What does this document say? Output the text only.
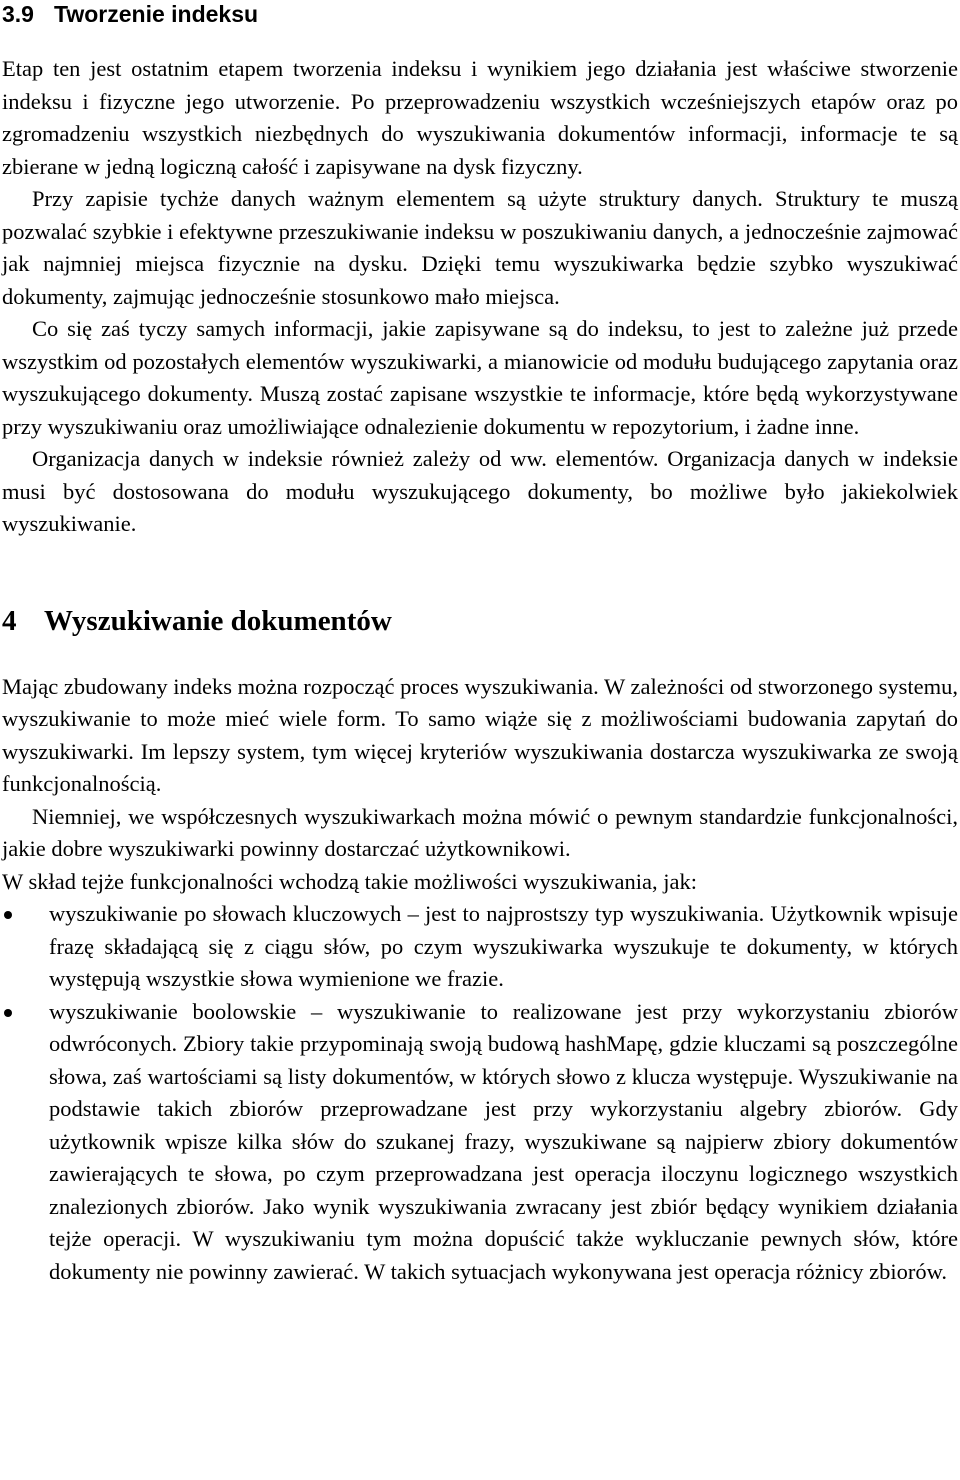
3.9 Tworzenie indeksu

Etap ten jest ostatnim etapem tworzenia indeksu i wynikiem jego działania jest właściwe stworzenie indeksu i fizyczne jego utworzenie. Po przeprowadzeniu wszystkich wcześniejszych etapów oraz po zgromadzeniu wszystkich niezbędnych do wyszukiwania dokumentów informacji, informacje te są zbierane w jedną logiczną całość i zapisywane na dysk fizyczny.

Przy zapisie tychże danych ważnym elementem są użyte struktury danych. Struktury te muszą pozwalać szybkie i efektywne przeszukiwanie indeksu w poszukiwaniu danych, a jednocześnie zajmować jak najmniej miejsca fizycznie na dysku. Dzięki temu wyszukiwarka będzie szybko wyszukiwać dokumenty, zajmując jednocześnie stosunkowo mało miejsca.

Co się zaś tyczy samych informacji, jakie zapisywane są do indeksu, to jest to zależne już przede wszystkim od pozostałych elementów wyszukiwarki, a mianowicie od modułu budującego zapytania oraz wyszukującego dokumenty. Muszą zostać zapisane wszystkie te informacje, które będą wykorzystywane przy wyszukiwaniu oraz umożliwiające odnalezienie dokumentu w repozytorium, i żadne inne.

Organizacja danych w indeksie również zależy od ww. elementów. Organizacja danych w indeksie musi być dostosowana do modułu wyszukującego dokumenty, bo możliwe było jakiekolwiek wyszukiwanie.

4 Wyszukiwanie dokumentów

Mając zbudowany indeks można rozpocząć proces wyszukiwania. W zależności od stworzonego systemu, wyszukiwanie to może mieć wiele form. To samo wiąże się z możliwościami budowania zapytań do wyszukiwarki. Im lepszy system, tym więcej kryteriów wyszukiwania dostarcza wyszukiwarka ze swoją funkcjonalnością.

Niemniej, we współczesnych wyszukiwarkach można mówić o pewnym standardzie funkcjonalności, jakie dobre wyszukiwarki powinny dostarczać użytkownikowi.

W skład tejże funkcjonalności wchodzą takie możliwości wyszukiwania, jak:

wyszukiwanie po słowach kluczowych – jest to najprostszy typ wyszukiwania. Użytkownik wpisuje frazę składającą się z ciągu słów, po czym wyszukiwarka wyszukuje te dokumenty, w których występują wszystkie słowa wymienione we frazie.
wyszukiwanie boolowskie – wyszukiwanie to realizowane jest przy wykorzystaniu zbiorów odwróconych. Zbiory takie przypominają swoją budową hashMapę, gdzie kluczami są poszczególne słowa, zaś wartościami są listy dokumentów, w których słowo z klucza występuje. Wyszukiwanie na podstawie takich zbiorów przeprowadzane jest przy wykorzystaniu algebry zbiorów. Gdy użytkownik wpisze kilka słów do szukanej frazy, wyszukiwane są najpierw zbiory dokumentów zawierających te słowa, po czym przeprowadzana jest operacja iloczynu logicznego wszystkich znalezionych zbiorów. Jako wynik wyszukiwania zwracany jest zbiór będący wynikiem działania tejże operacji. W wyszukiwaniu tym można dopuścić także wykluczanie pewnych słów, które dokumenty nie powinny zawierać. W takich sytuacjach wykonywana jest operacja różnicy zbiorów.
